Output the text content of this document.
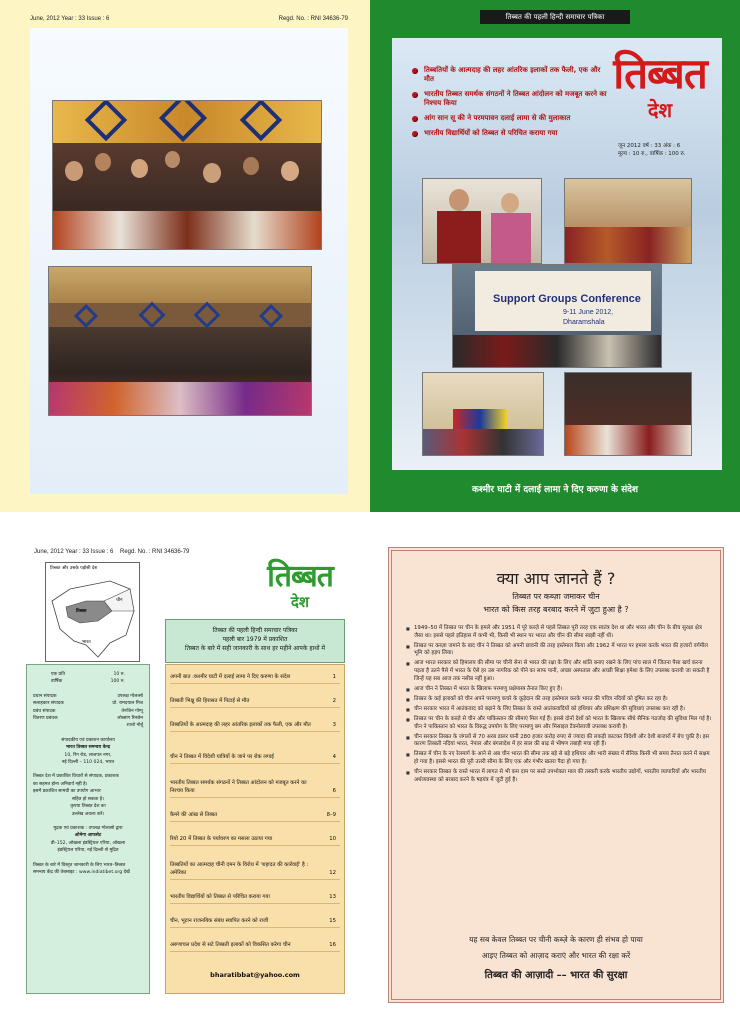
June, 2012 Year : 33 Issue : 6	Regd. No. : RNI 34636-79	तिब्बत की पहली हिन्दी समाचार पत्रिका
तिब्बतियों के आत्मदाह की लहर आंतरिक इलाकों तक फैली, एक और मौत
भारतीय तिब्बत समर्थक संगठनों ने तिब्बत आंदोलन को मजबूत करने का निश्चय किया
आंग सान सू की ने परमपावन दलाई लामा से की मुलाकात
भारतीय विद्यार्थियों को तिब्बत से परिचित कराया गया
तिब्बत
देश
जून 2012 वर्ष : 33 अंक : 6
मूल्य : 10 रु., वार्षिक : 100 रु.
Support Groups Conference
9-11 June 2012,
Dharamshala
कश्मीर घाटी में दलाई लामा ने दिए करुणा के संदेश
June, 2012 Year : 33 Issue : 6 Regd. No. : RNI 34636-79
तिब्बत और उसके पड़ोसी देश
तिब्बत
चीन
भारत
तिब्बत
देश
तिब्बत की पहली हिन्दी समाचार पत्रिका
पहली बार 1979 में प्रकाशित
तिब्बत के बारे में सही जानकारी के साथ हर महीने आपके हाथों में
एक प्रति	10 रु.
वार्षिक	100 रु.
प्रधान संपादक	उपलक्ष ग्येलत्सो
सलाहकार संपादक	प्रो. रामदयाल मिश्र
प्रबंध संपादक	तेनजिन गोम्पू
वितरण प्रबंधक	लोब्सांग रिनछेन
शाशो नोर्बू
संपादकीय एवं प्रकाशन कार्यालय
भारत तिब्बत समन्वय केन्द्र
10, रिंग रोड, लाजपत नगर,
नई दिल्ली – 110 024, भारत
तिब्बत देश में प्रकाशित विचारों से संपादक, प्रकाशक
का सहमत होना अनिवार्य नहीं है।
इसमें प्रकाशित सामग्री का उपयोग आभार
सहित हो सकता है।
कृपया तिब्बत देश का
उल्लेख अवश्य करें।
मुद्रक एवं प्रकाशक : उपलक्ष ग्येलत्सो द्वारा
ओमेगा आफसेट
डी–152, ओखला इंडस्ट्रियल एरिया, ओखला
इंडस्ट्रियल एरिया, नई दिल्ली से मुद्रित
तिब्बत के बारे में विस्तृत जानकारी के लिए भारत–तिब्बत
समन्वय केंद्र की वेबसाइट : www.indiatibet.org देखें
अपनी बात :कश्मीर घाटी में दलाई लामा ने दिए करुणा के संदेश	1
तिब्बती भिक्षु की हिरासत में पिटाई से मौत	2
तिब्बतियों के आत्मदाह की लहर आंतरिक इलाकों तक फैली, एक और मौत	3
चीन ने तिब्बत में विदेशी यात्रियों के जाने पर रोक लगाई	4
भारतीय तिब्बत समर्थक संगठनों ने तिब्बत आंदोलन को मजबूत करने का निश्चय किया	6
कैमरे की आंख से तिब्बत	8–9
रियो 20 में तिब्बत के पर्यावरण का मसला उठाया गया	10
तिब्बतियों का आत्मदाह चीनी दमन के विरोध में 'शहादत की कार्रवाई' है : अमेरिका	12
भारतीय विद्यार्थियों को तिब्बत से परिचित कराया गया	13
चीन, भूटान राजनयिक संबंध स्थापित करने को राजी	15
अरुणाचल प्रदेश से सटे तिब्बती इलाकों को विकसित करेगा चीन	16
bharatibbat@yahoo.com
क्या आप जानते हैं ?
तिब्बत पर कब्ज़ा जमाकर चीन
भारत को किस तरह बरबाद करने में जुटा हुआ है ?
■ 1949–50 में तिब्बत पर चीन के हमले और 1951 में पूरे कब्ज़े से पहले तिब्बत पूरी तरह एक स्वतंत्र देश था और भारत और चीन के बीच सुरक्षा क्षेत्र जैसा था। इससे पहले इतिहास में कभी भी, किसी भी स्थान पर भारत और चीन की सीमा साझी नहीं थी।
■ तिब्बत पर कब्ज़ा जमाने के बाद चीन ने तिब्बत को अपनी छावनी की तरह इस्तेमाल किया और 1962 में भारत पर हमला करके भारत की हजारों वर्गमील भूमि को हड़प लिया।
■ आज भारत सरकार को हिमालय की सीमा पर चीनी सेना से भारत की रक्षा के लिए और शांति बनाए रखने के लिए पांच साल में जितना पैसा खर्च करना पड़ता है उतने पैसे में भारत के ऐसे हर उस नागरिक को पीने का साफ पानी, अच्छा अस्पताल और अच्छी शिक्षा हमेशा के लिए उपलब्ध करायी जा सकती है जिन्हें यह सब आज तक नसीब नहीं हुआ।
■ आज चीन ने तिब्बत में भारत के खिलाफ परमाणु प्रक्षेपास्त्र तैनात किए हुए हैं।
■ तिब्बत के कई इलाकों को चीन अपने परमाणु कचरे के कूड़ेदान की तरह इस्तेमाल करके भारत की पवित्र नदियों को दूषित कर रहा है।
■ चीन सरकार भारत में आतंकवाद को बढ़ाने के लिए तिब्बत के रास्ते आतंकवादियों को हथियार और प्रशिक्षण की सुविधाएं उपलब्ध करा रही है।
■ तिब्बत पर चीन के कब्ज़े से चीन और पाकिस्तान की सीमाएं मिल गई हैं। इससे दोनों देशों को भारत के खिलाफ सीधे सैनिक गठजोड़ की सुविधा मिल गई है। चीन ने पाकिस्तान को भारत के विरुद्ध उपयोग के लिए परमाणु बम और मिसाइल टैक्नोलाजी उपलब्ध करायी है।
■ चीन सरकार तिब्बत के जंगलों से 70 अरब डालर यानी 280 हजार करोड़ रुपए से ज्यादा की लकड़ी काटकर विदेशी और देशी बाजारों में बेच चुकी है। इस कारण तिब्बती नदियां भारत, नेपाल और बंगलादेश में हर साल की बाढ़ से भीषण तबाही मचा रही हैं।
■ तिब्बत में चीन के नए रेलमार्ग के आने से अब चीन भारत की सीमा तक बड़े से बड़े हथियार और भारी संख्या में सैनिक किसी भी समय तैनात करने में सक्षम हो गया है। इससे भारत की पूरी उत्तरी सीमा के लिए एक और गंभीर खतरा पैदा हो गया है।
■ चीन सरकार तिब्बत के रास्ते भारत में लागत से भी कम दाम पर सस्ते उपभोक्ता माल की तस्करी करके भारतीय उद्योगों, भारतीय व्यापारियों और भारतीय अर्थव्यवस्था को बरबाद करने के षड़यंत्र में जुटी हुई है।
यह सब केवल तिब्बत पर चीनी कब्ज़े के कारण ही संभव हो पाया
आइए तिब्बत को आज़ाद कराएं और भारत की रक्षा करें
तिब्बत की आज़ादी –– भारत की सुरक्षा
